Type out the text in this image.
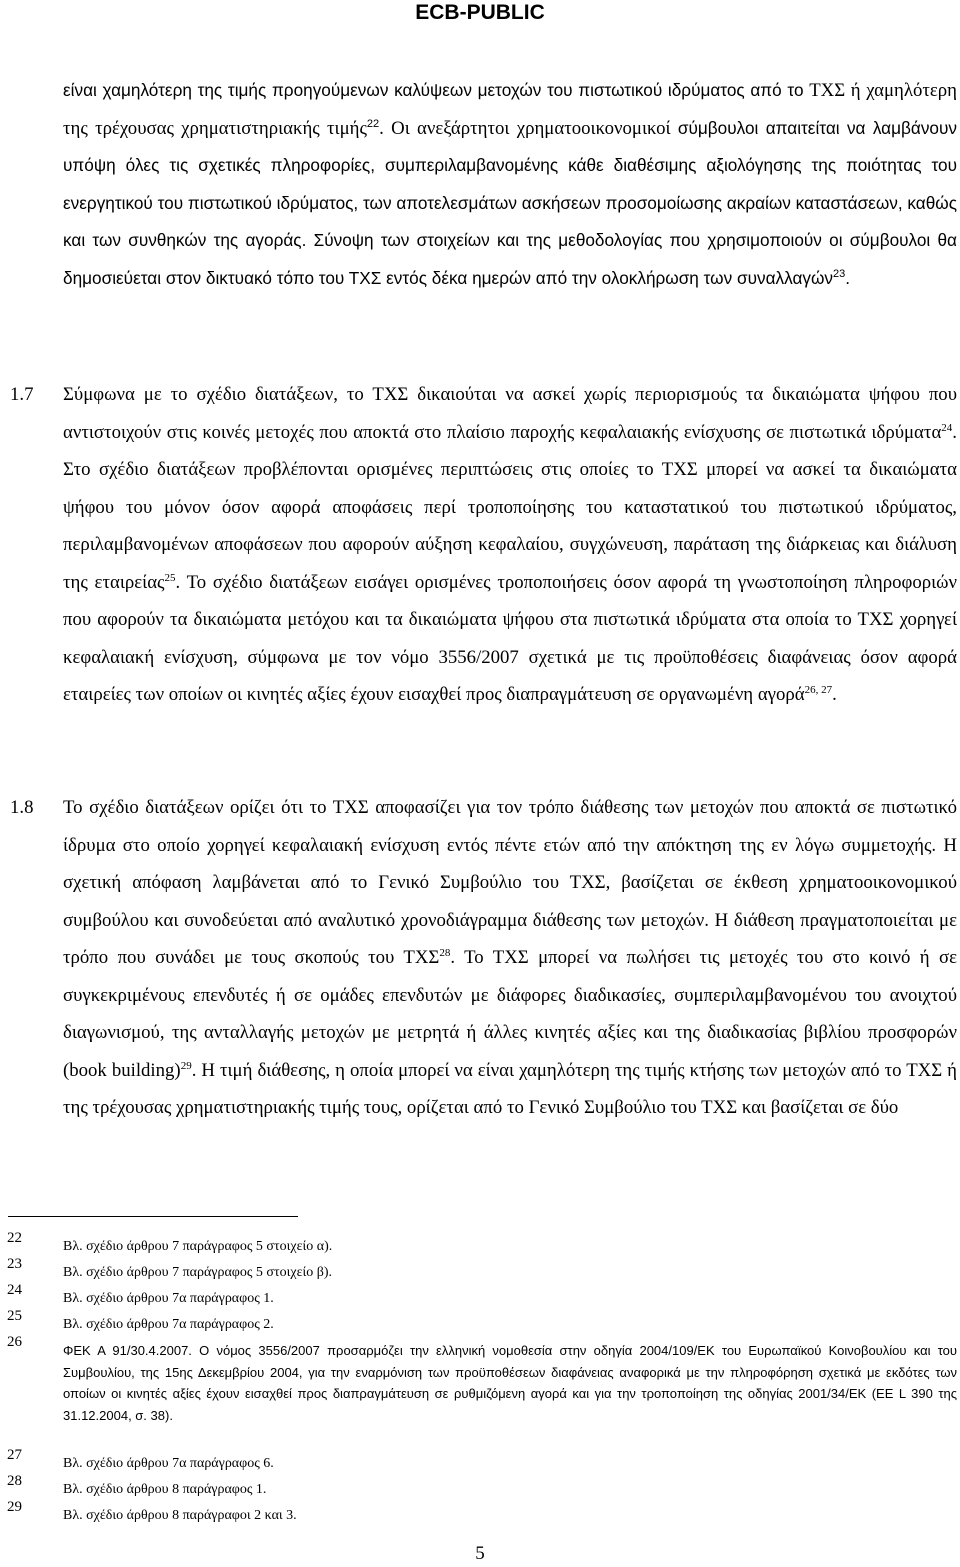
ECB-PUBLIC
είναι χαμηλότερη της τιμής προηγούμενων καλύψεων μετοχών του πιστωτικού ιδρύματος από το ΤΧΣ ή χαμηλότερη της τρέχουσας χρηματιστηριακής τιμής$^{22}$. Οι ανεξάρτητοι χρηματοοικονομικοί σύμβουλοι απαιτείται να λαμβάνουν υπόψη όλες τις σχετικές πληροφορίες, συμπεριλαμβανομένης κάθε διαθέσιμης αξιολόγησης της ποιότητας του ενεργητικού του πιστωτικού ιδρύματος, των αποτελεσμάτων ασκήσεων προσομοίωσης ακραίων καταστάσεων, καθώς και των συνθηκών της αγοράς. Σύνοψη των στοιχείων και της μεθοδολογίας που χρησιμοποιούν οι σύμβουλοι θα δημοσιεύεται στον δικτυακό τόπο του ΤΧΣ εντός δέκα ημερών από την ολοκλήρωση των συναλλαγών$^{23}$.
1.7 Σύμφωνα με το σχέδιο διατάξεων, το ΤΧΣ δικαιούται να ασκεί χωρίς περιορισμούς τα δικαιώματα ψήφου που αντιστοιχούν στις κοινές μετοχές που αποκτά στο πλαίσιο παροχής κεφαλαιακής ενίσχυσης σε πιστωτικά ιδρύματα$^{24}$. Στο σχέδιο διατάξεων προβλέπονται ορισμένες περιπτώσεις στις οποίες το ΤΧΣ μπορεί να ασκεί τα δικαιώματα ψήφου του μόνον όσον αφορά αποφάσεις περί τροποποίησης του καταστατικού του πιστωτικού ιδρύματος, περιλαμβανομένων αποφάσεων που αφορούν αύξηση κεφαλαίου, συγχώνευση, παράταση της διάρκειας και διάλυση της εταιρείας$^{25}$. Το σχέδιο διατάξεων εισάγει ορισμένες τροποποιήσεις όσον αφορά τη γνωστοποίηση πληροφοριών που αφορούν τα δικαιώματα μετόχου και τα δικαιώματα ψήφου στα πιστωτικά ιδρύματα στα οποία το ΤΧΣ χορηγεί κεφαλαιακή ενίσχυση, σύμφωνα με τον νόμο 3556/2007 σχετικά με τις προϋποθέσεις διαφάνειας όσον αφορά εταιρείες των οποίων οι κινητές αξίες έχουν εισαχθεί προς διαπραγμάτευση σε οργανωμένη αγορά$^{26, 27}$.
1.8 Το σχέδιο διατάξεων ορίζει ότι το ΤΧΣ αποφασίζει για τον τρόπο διάθεσης των μετοχών που αποκτά σε πιστωτικό ίδρυμα στο οποίο χορηγεί κεφαλαιακή ενίσχυση εντός πέντε ετών από την απόκτηση της εν λόγω συμμετοχής. Η σχετική απόφαση λαμβάνεται από το Γενικό Συμβούλιο του ΤΧΣ, βασίζεται σε έκθεση χρηματοοικονομικού συμβούλου και συνοδεύεται από αναλυτικό χρονοδιάγραμμα διάθεσης των μετοχών. Η διάθεση πραγματοποιείται με τρόπο που συνάδει με τους σκοπούς του ΤΧΣ$^{28}$. Το ΤΧΣ μπορεί να πωλήσει τις μετοχές του στο κοινό ή σε συγκεκριμένους επενδυτές ή σε ομάδες επενδυτών με διάφορες διαδικασίες, συμπεριλαμβανομένου του ανοιχτού διαγωνισμού, της ανταλλαγής μετοχών με μετρητά ή άλλες κινητές αξίες και της διαδικασίας βιβλίου προσφορών (book building)$^{29}$. Η τιμή διάθεσης, η οποία μπορεί να είναι χαμηλότερη της τιμής κτήσης των μετοχών από το ΤΧΣ ή της τρέχουσας χρηματιστηριακής τιμής τους, ορίζεται από το Γενικό Συμβούλιο του ΤΧΣ και βασίζεται σε δύο
22
Βλ. σχέδιο άρθρου 7 παράγραφος 5 στοιχείο α).
23
Βλ. σχέδιο άρθρου 7 παράγραφος 5 στοιχείο β).
24
Βλ. σχέδιο άρθρου 7α παράγραφος 1.
25
Βλ. σχέδιο άρθρου 7α παράγραφος 2.
26
ΦΕΚ Α 91/30.4.2007. Ο νόμος 3556/2007 προσαρμόζει την ελληνική νομοθεσία στην οδηγία 2004/109/ΕΚ του Ευρωπαϊκού Κοινοβουλίου και του Συμβουλίου, της 15ης Δεκεμβρίου 2004, για την εναρμόνιση των προϋποθέσεων διαφάνειας αναφορικά με την πληροφόρηση σχετικά με εκδότες των οποίων οι κινητές αξίες έχουν εισαχθεί προς διαπραγμάτευση σε ρυθμιζόμενη αγορά και για την τροποποίηση της οδηγίας 2001/34/ΕΚ (ΕΕ L 390 της 31.12.2004, σ. 38).
27
Βλ. σχέδιο άρθρου 7α παράγραφος 6.
28
Βλ. σχέδιο άρθρου 8 παράγραφος 1.
29
Βλ. σχέδιο άρθρου 8 παράγραφοι 2 και 3.
5
